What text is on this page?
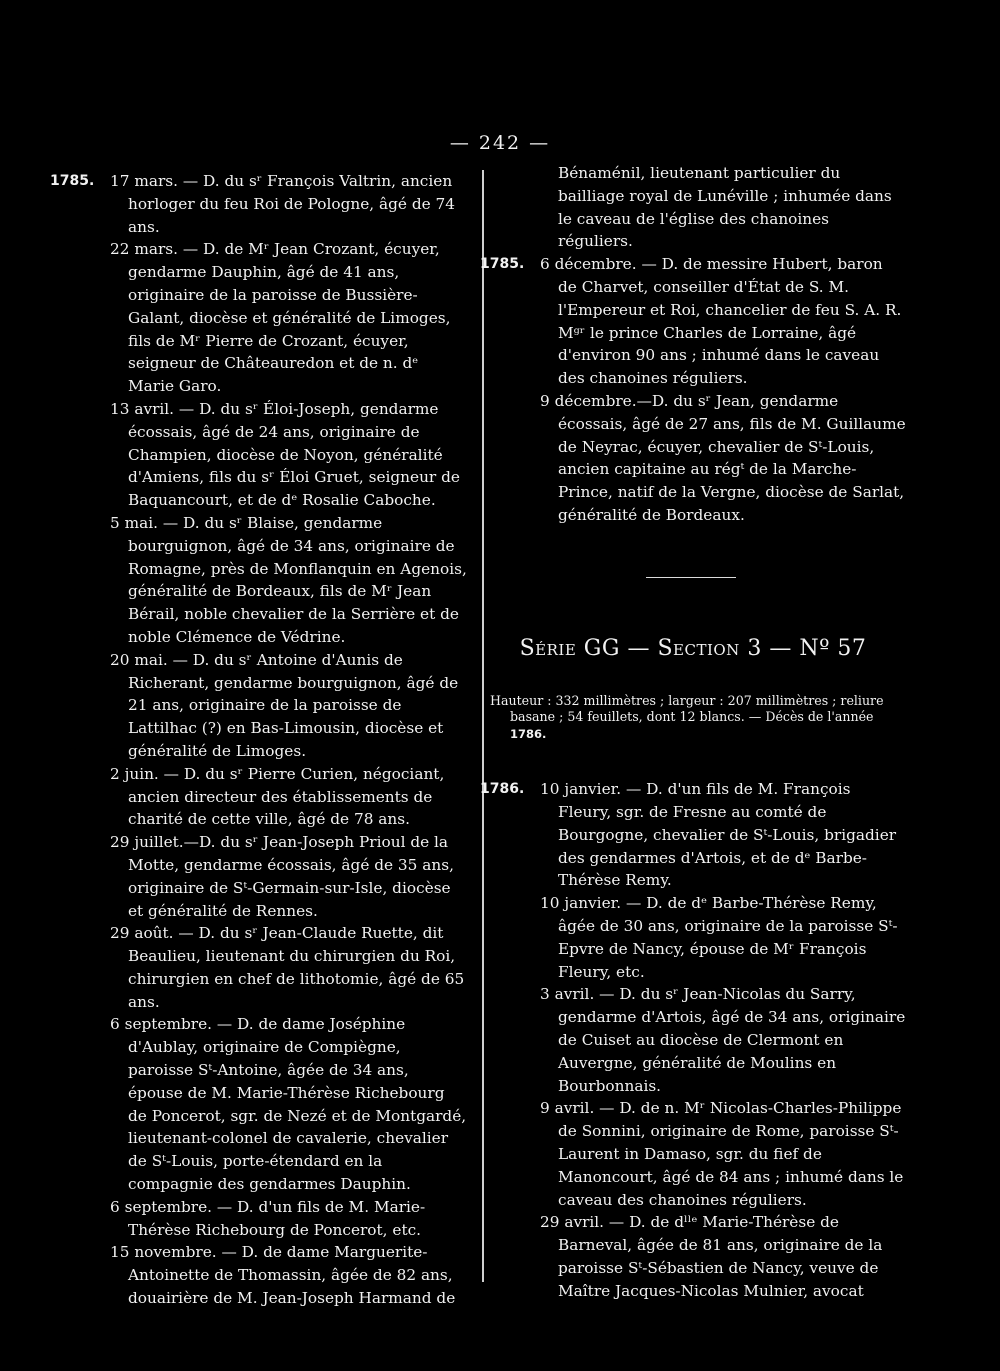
— 242 —
1785. 17 mars. — D. du sʳ François Valtrin, ancien horloger du feu Roi de Pologne, âgé de 74 ans.
22 mars. — D. de Mʳ Jean Crozant, écuyer, gendarme Dauphin, âgé de 41 ans, originaire de la paroisse de Bussière-Galant, diocèse et généralité de Limoges, fils de Mʳ Pierre de Crozant, écuyer, seigneur de Châteauredon et de n. dᵉ Marie Garo.
13 avril. — D. du sʳ Éloi-Joseph, gendarme écossais, âgé de 24 ans, originaire de Champien, diocèse de Noyon, généralité d'Amiens, fils du sʳ Éloi Gruet, seigneur de Baquancourt, et de dᵉ Rosalie Caboche.
5 mai. — D. du sʳ Blaise, gendarme bourguignon, âgé de 34 ans, originaire de Romagne, près de Monflanquin en Agenois, généralité de Bordeaux, fils de Mʳ Jean Bérail, noble chevalier de la Serrière et de noble Clémence de Védrine.
20 mai. — D. du sʳ Antoine d'Aunis de Richerant, gendarme bourguignon, âgé de 21 ans, originaire de la paroisse de Lattilhac (?) en Bas-Limousin, diocèse et généralité de Limoges.
2 juin. — D. du sʳ Pierre Curien, négociant, ancien directeur des établissements de charité de cette ville, âgé de 78 ans.
29 juillet.—D. du sʳ Jean-Joseph Prioul de la Motte, gendarme écossais, âgé de 35 ans, originaire de Sᵗ-Germain-sur-Isle, diocèse et généralité de Rennes.
29 août. — D. du sʳ Jean-Claude Ruette, dit Beaulieu, lieutenant du chirurgien du Roi, chirurgien en chef de lithotomie, âgé de 65 ans.
6 septembre. — D. de dame Joséphine d'Aublay, originaire de Compiègne, paroisse Sᵗ-Antoine, âgée de 34 ans, épouse de M. Marie-Thérèse Richebourg de Poncerot, sgr. de Nezé et de Montgardé, lieutenant-colonel de cavalerie, chevalier de Sᵗ-Louis, porte-étendard en la compagnie des gendarmes Dauphin.
6 septembre. — D. d'un fils de M. Marie-Thérèse Richebourg de Poncerot, etc.
15 novembre. — D. de dame Marguerite-Antoinette de Thomassin, âgée de 82 ans, douairière de M. Jean-Joseph Harmand de
Bénaménil, lieutenant particulier du bailliage royal de Lunéville ; inhumée dans le caveau de l'église des chanoines réguliers.
1785. 6 décembre. — D. de messire Hubert, baron de Charvet, conseiller d'État de S. M. l'Empereur et Roi, chancelier de feu S. A. R. Mᵍʳ le prince Charles de Lorraine, âgé d'environ 90 ans ; inhumé dans le caveau des chanoines réguliers.
9 décembre.—D. du sʳ Jean, gendarme écossais, âgé de 27 ans, fils de M. Guillaume de Neyrac, écuyer, chevalier de Sᵗ-Louis, ancien capitaine au régᵗ de la Marche-Prince, natif de la Vergne, diocèse de Sarlat, généralité de Bordeaux.
Série GG — Section 3 — Nº 57
Hauteur : 332 millimètres ; largeur : 207 millimètres ; reliure basane ; 54 feuillets, dont 12 blancs. — Décès de l'année 1786.
1786. 10 janvier. — D. d'un fils de M. François Fleury, sgr. de Fresne au comté de Bourgogne, chevalier de Sᵗ-Louis, brigadier des gendarmes d'Artois, et de dᵉ Barbe-Thérèse Remy.
10 janvier. — D. de dᵉ Barbe-Thérèse Remy, âgée de 30 ans, originaire de la paroisse Sᵗ-Epvre de Nancy, épouse de Mʳ François Fleury, etc.
3 avril. — D. du sʳ Jean-Nicolas du Sarry, gendarme d'Artois, âgé de 34 ans, originaire de Cuiset au diocèse de Clermont en Auvergne, généralité de Moulins en Bourbonnais.
9 avril. — D. de n. Mʳ Nicolas-Charles-Philippe de Sonnini, originaire de Rome, paroisse Sᵗ-Laurent in Damaso, sgr. du fief de Manoncourt, âgé de 84 ans ; inhumé dans le caveau des chanoines réguliers.
29 avril. — D. de dˡˡᵉ Marie-Thérèse de Barneval, âgée de 81 ans, originaire de la paroisse Sᵗ-Sébastien de Nancy, veuve de Maître Jacques-Nicolas Mulnier, avocat
